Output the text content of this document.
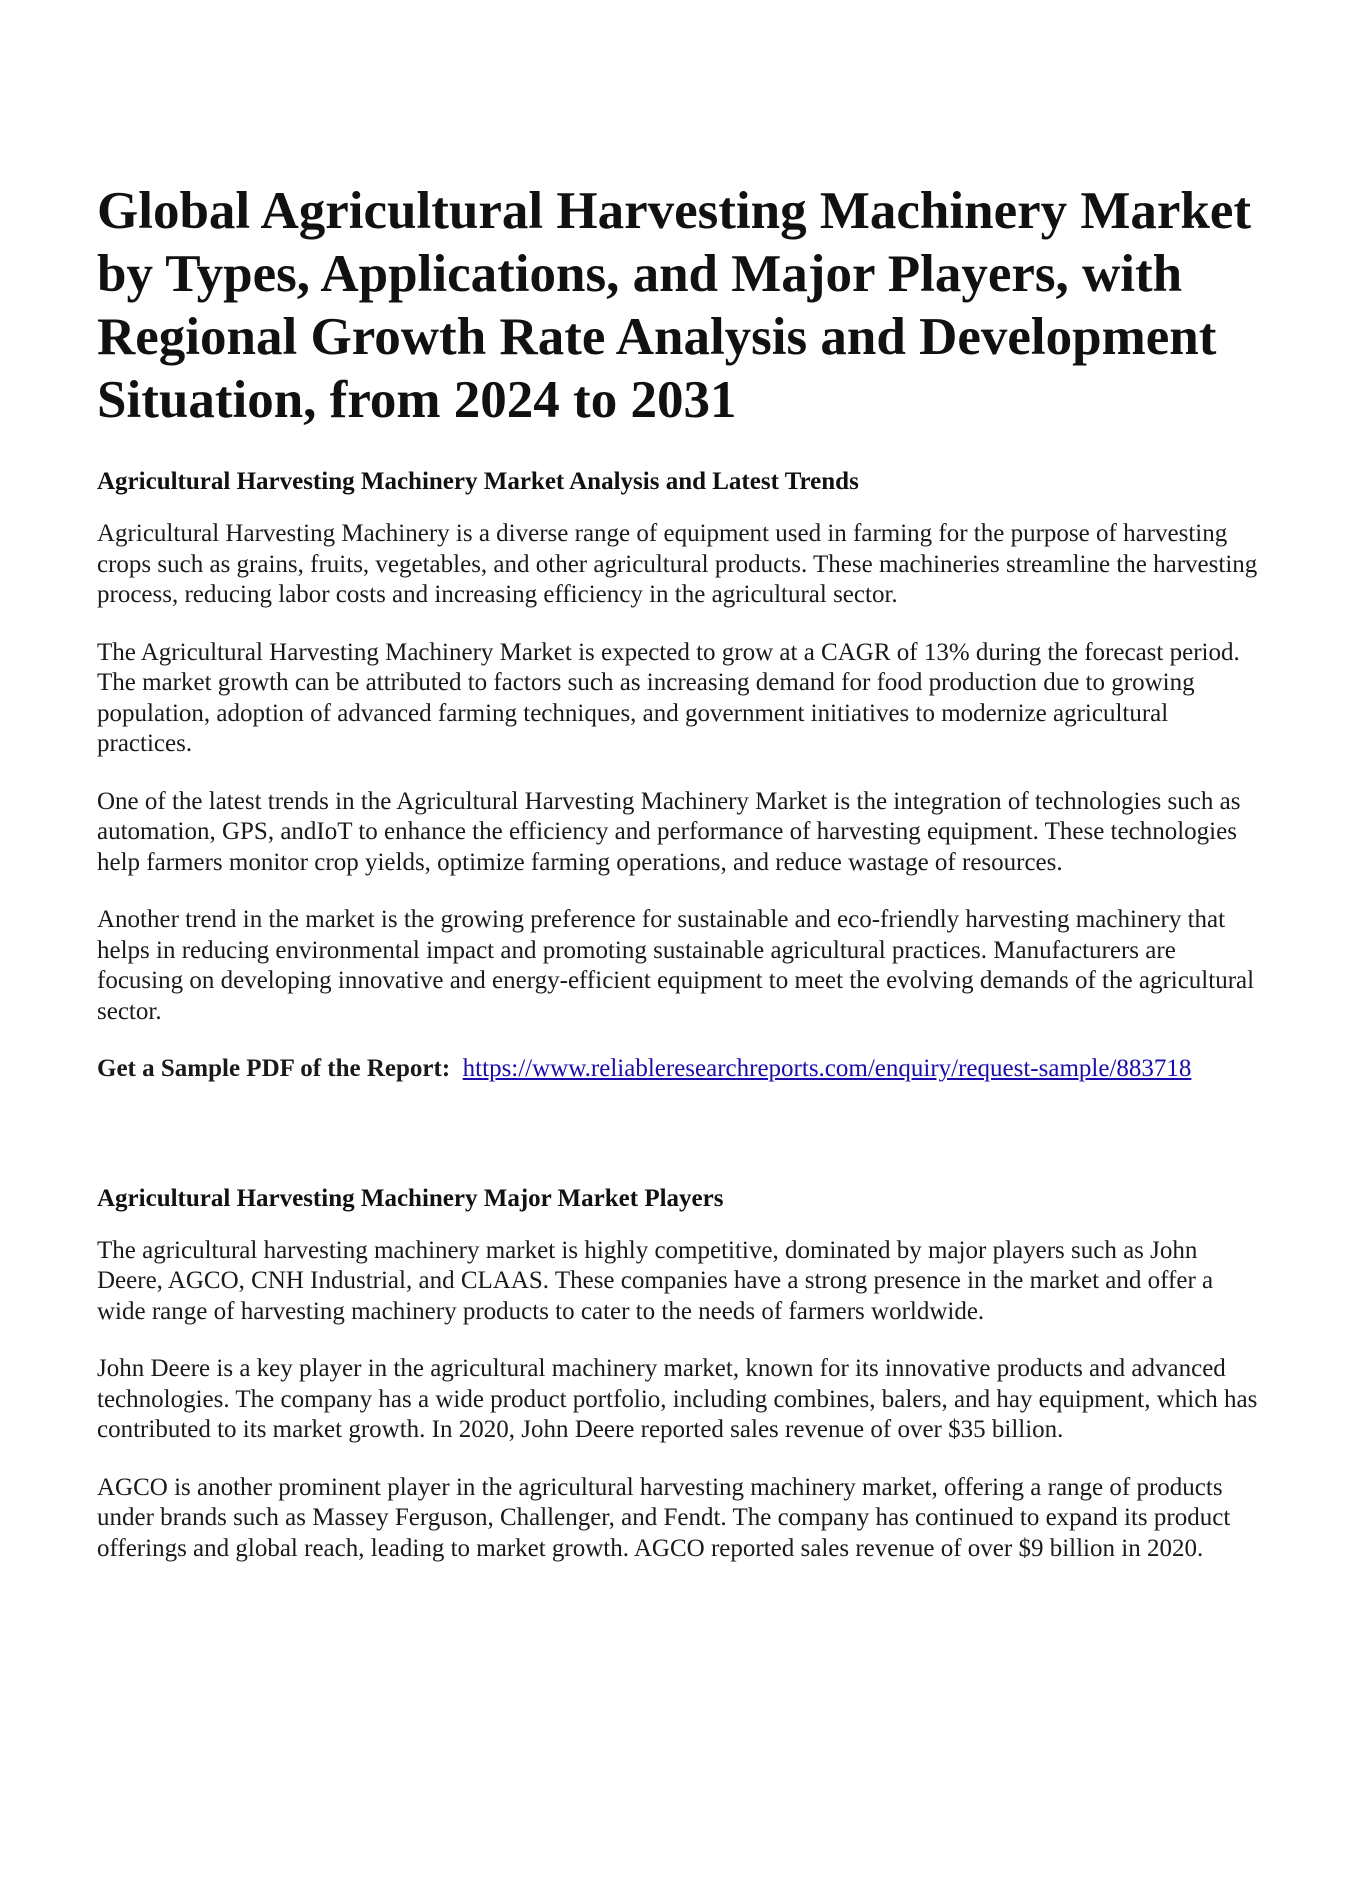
Global Agricultural Harvesting Machinery Market by Types, Applications, and Major Players, with Regional Growth Rate Analysis and Development Situation, from 2024 to 2031
Agricultural Harvesting Machinery Market Analysis and Latest Trends

Agricultural Harvesting Machinery is a diverse range of equipment used in farming for the purpose of harvesting crops such as grains, fruits, vegetables, and other agricultural products. These machineries streamline the harvesting process, reducing labor costs and increasing efficiency in the agricultural sector.

The Agricultural Harvesting Machinery Market is expected to grow at a CAGR of 13% during the forecast period. The market growth can be attributed to factors such as increasing demand for food production due to growing population, adoption of advanced farming techniques, and government initiatives to modernize agricultural practices.

One of the latest trends in the Agricultural Harvesting Machinery Market is the integration of technologies such as automation, GPS, andIoT to enhance the efficiency and performance of harvesting equipment. These technologies help farmers monitor crop yields, optimize farming operations, and reduce wastage of resources.

Another trend in the market is the growing preference for sustainable and eco-friendly harvesting machinery that helps in reducing environmental impact and promoting sustainable agricultural practices. Manufacturers are focusing on developing innovative and energy-efficient equipment to meet the evolving demands of the agricultural sector.

Get a Sample PDF of the Report: https://www.reliableresearchreports.com/enquiry/request-sample/883718

Agricultural Harvesting Machinery Major Market Players

The agricultural harvesting machinery market is highly competitive, dominated by major players such as John Deere, AGCO, CNH Industrial, and CLAAS. These companies have a strong presence in the market and offer a wide range of harvesting machinery products to cater to the needs of farmers worldwide.

John Deere is a key player in the agricultural machinery market, known for its innovative products and advanced technologies. The company has a wide product portfolio, including combines, balers, and hay equipment, which has contributed to its market growth. In 2020, John Deere reported sales revenue of over $35 billion.

AGCO is another prominent player in the agricultural harvesting machinery market, offering a range of products under brands such as Massey Ferguson, Challenger, and Fendt. The company has continued to expand its product offerings and global reach, leading to market growth. AGCO reported sales revenue of over $9 billion in 2020.
